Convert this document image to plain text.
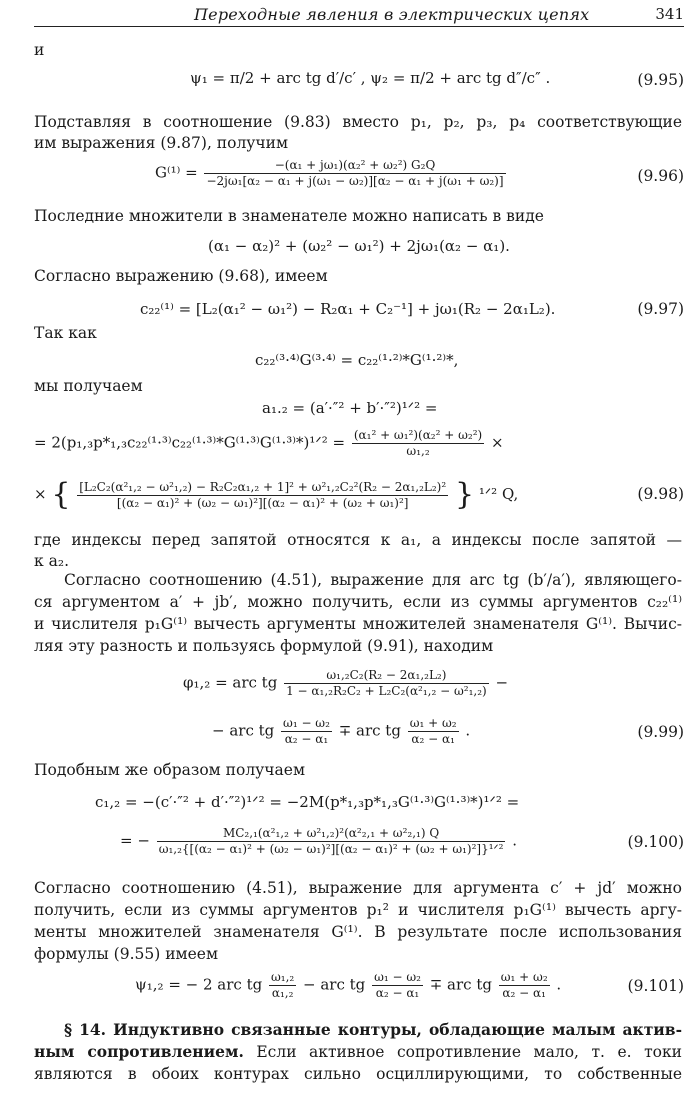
Переходные явления в электрических цепях	341
и
ψ₁ = π/2 + arc tg d′/c′ , ψ₂ = π/2 + arc tg d″/c″ .	(9.95)
Подставляя в соотношение (9.83) вместо p₁, p₂, p₃, p₄ соответствующие
им выражения (9.87), получим
$G^{(1)} = \frac{\text{−(α₁ + jω₁)(α₂² + ω₂²) G₂Q}}{\text{−2jω₁[α₂ − α₁ + j(ω₁ − ω₂)][α₂ − α₁ + j(ω₁ + ω₂)]}}$	(9.96)
Последние множители в знаменателе можно написать в виде
(α₁ − α₂)² + (ω₂² − ω₁²) + 2jω₁(α₂ − α₁).
Согласно выражению (9.68), имеем
c₂₂⁽¹⁾ = [L₂(α₁² − ω₁²) − R₂α₁ + C₂⁻¹] + jω₁(R₂ − 2α₁L₂).	(9.97)
Так как
c₂₂⁽³·⁴⁾G⁽³·⁴⁾ = c₂₂⁽¹·²⁾*G⁽¹·²⁾*,
мы получаем
a₁.₂ = (a′·″² + b′·″²)¹ᐟ² =
= 2(p₁,₃p*₁,₃c₂₂⁽¹·³⁾c₂₂⁽¹·³⁾*G⁽¹·³⁾G⁽¹·³⁾*)¹ᐟ² = $\frac{\text{(α₁² + ω₁²)(α₂² + ω₂²)}}{\text{ω₁,₂}}$ ×
× { [L₂C₂(α²₁,₂ − ω²₁,₂) − R₂C₂α₁,₂ + 1]² + ω²₁,₂C₂²(R₂ − 2α₁,₂L₂)²
[(α₂ − α₁)² + (ω₂ − ω₁)²][(α₂ − α₁)² + (ω₂ + ω₁)²]	} ¹ᐟ² Q,	(9.98)
где индексы перед запятой относятся к a₁, а индексы после запятой —
к a₂.
Согласно соотношению (4.51), выражение для arc tg (b′/a′), являющего-
ся аргументом a′ + jb′, можно получить, если из суммы аргументов c₂₂⁽¹⁾
и числителя p₁G⁽¹⁾ вычесть аргументы множителей знаменателя G⁽¹⁾. Вычис-
ляя эту разность и пользуясь формулой (9.91), находим
φ₁,₂ = arc tg $\frac{\text{ω₁,₂C₂(R₂ − 2α₁,₂L₂)}}{\text{1 − α₁,₂R₂C₂ + L₂C₂(α²₁,₂ − ω²₁,₂)}}$ −
− arc tg $\frac{\text{ω₁ − ω₂}}{\text{α₂ − α₁}}$ ∓ arc tg $\frac{\text{ω₁ + ω₂}}{\text{α₂ − α₁}}$ .	(9.99)
Подобным же образом получаем
c₁,₂ = −(c′·″² + d′·″²)¹ᐟ² = −2M(p*₁,₃p*₁,₃G⁽¹·³⁾G⁽¹·³⁾*)¹ᐟ² =
= − $\frac{\text{MC₂,₁(α²₁,₂ + ω²₁,₂)²(α²₂,₁ + ω²₂,₁) Q}}{\text{ω₁,₂\{[(α₂ − α₁)² + (ω₂ − ω₁)²][(α₂ − α₁)² + (ω₂ + ω₁)²]\}¹ᐟ²}}$ .	(9.100)
Согласно соотношению (4.51), выражение для аргумента c′ + jd′ можно
получить, если из суммы аргументов p₁² и числителя p₁G⁽¹⁾ вычесть аргу-
менты множителей знаменателя G⁽¹⁾. В результате после использования
формулы (9.55) имеем
ψ₁,₂ = − 2 arc tg $\frac{\text{ω₁,₂}}{\text{α₁,₂}}$ − arc tg $\frac{\text{ω₁ − ω₂}}{\text{α₂ − α₁}}$ ∓ arc tg $\frac{\text{ω₁ + ω₂}}{\text{α₂ − α₁}}$ .	(9.101)
§ 14. Индуктивно связанные контуры, обладающие малым актив-
ным сопротивлением. Если активное сопротивление мало, т. е. токи
являются в обоих контурах сильно осциллирующими, то собственные
